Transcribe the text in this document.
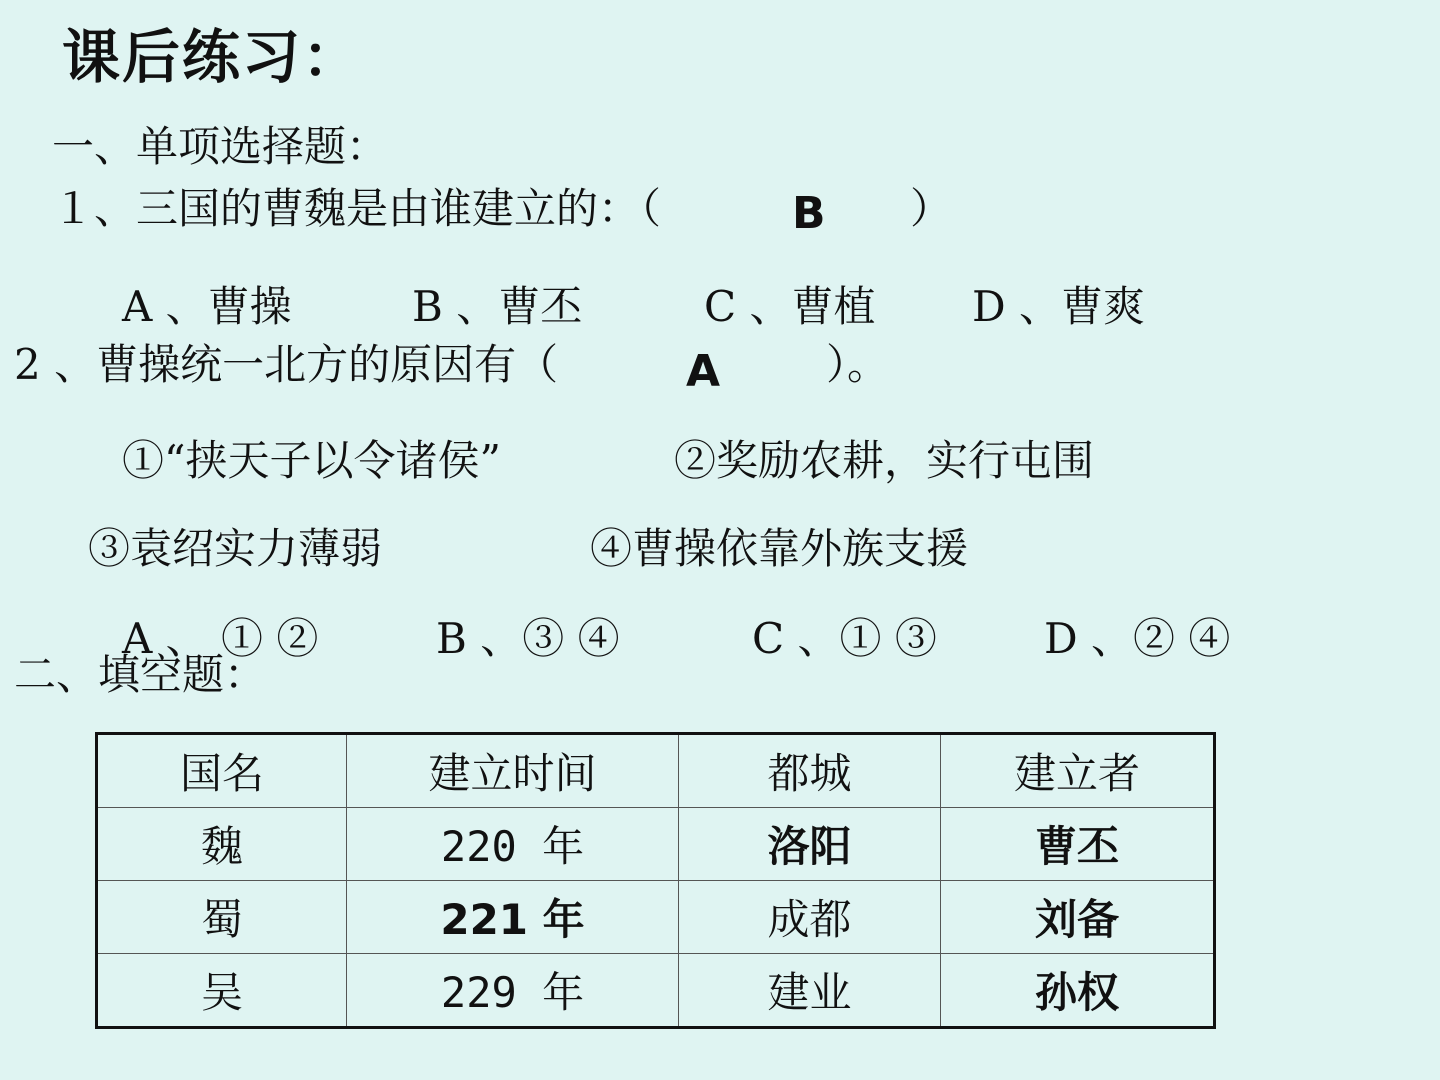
课后练习：
一、单项选择题：
１、三国的曹魏是由谁建立的：（	B ）
A 、曹操	B 、曹丕	C 、曹植 D 、曹爽
2 、曹操统一北方的原因有（	A	）。
①“挟天子以令诸侯”	②奖励农耕，实行屯围
③袁绍实力薄弱	④曹操依靠外族支援
A 、 ① ②	B 、③ ④	C 、① ③	D 、② ④
二、填空题：
国名	建立时间	都城	建立者
魏	220 年	洛阳	曹丕
蜀	221 年	成都	刘备
吴	229 年	建业	孙权
